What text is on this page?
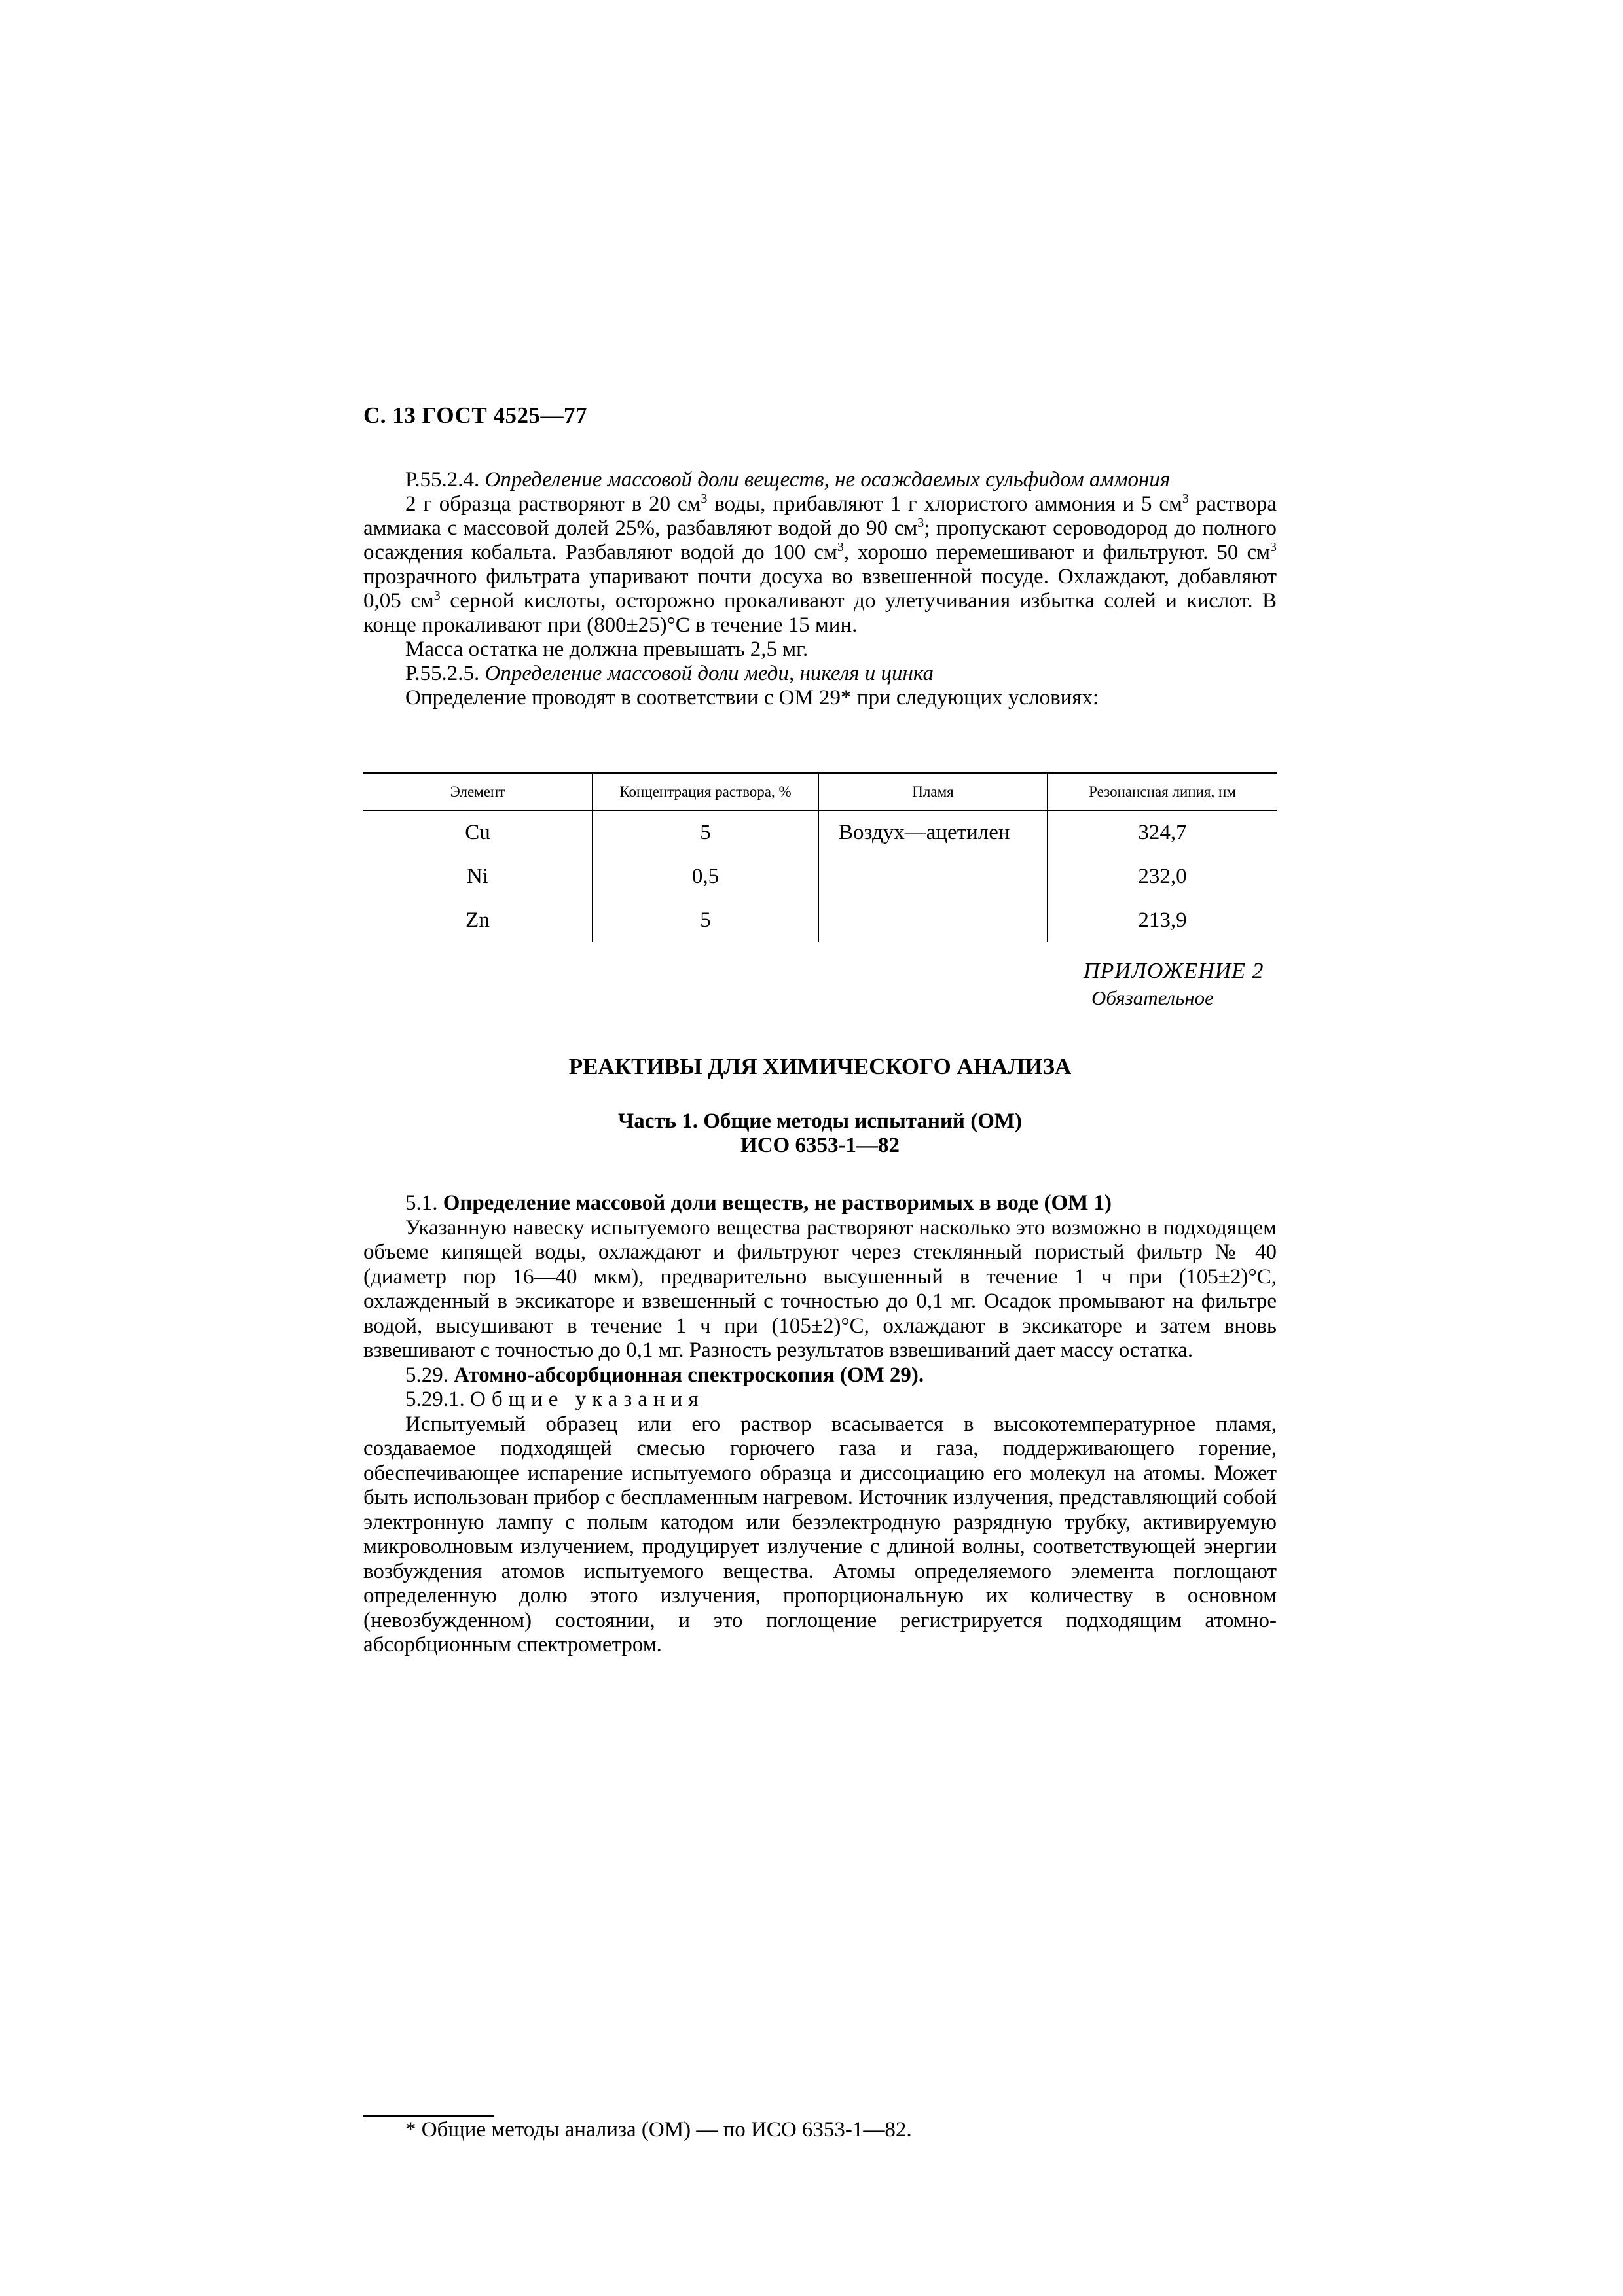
С. 13 ГОСТ 4525—77

Р.55.2.4. Определение массовой доли веществ, не осаждаемых сульфидом аммония

2 г образца растворяют в 20 $см^3$ воды, прибавляют 1 г хлористого аммония и 5 $см^3$ раствора аммиака с массовой долей 25%, разбавляют водой до 90 $см^3$; пропускают сероводород до полного осаждения кобальта. Разбавляют водой до 100 $см^3$, хорошо перемешивают и фильтруют. 50 $см^3$ прозрачного фильтрата упаривают почти досуха во взвешенной посуде. Охлаждают, добавляют 0,05 $см^3$ серной кислоты, осторожно прокаливают до улетучивания избытка солей и кислот. В конце прокаливают при (800±25)°С в течение 15 мин.

Масса остатка не должна превышать 2,5 мг.

Р.55.2.5. Определение массовой доли меди, никеля и цинка

Определение проводят в соответствии с ОМ 29* при следующих условиях:

Элемент	Концентрация раствора, %	Пламя	Резонансная линия, нм
Cu	5	Воздух—ацетилен	324,7
Ni	0,5		232,0
Zn	5		213,9
ПРИЛОЖЕНИЕ 2
Обязательное
РЕАКТИВЫ ДЛЯ ХИМИЧЕСКОГО АНАЛИЗА
Часть 1. Общие методы испытаний (ОМ)
ИСО 6353-1—82

5.1. Определение массовой доли веществ, не растворимых в воде (ОМ 1)

Указанную навеску испытуемого вещества растворяют насколько это возможно в подходящем объеме кипящей воды, охлаждают и фильтруют через стеклянный пористый фильтр № 40 (диаметр пор 16—40 мкм), предварительно высушенный в течение 1 ч при (105±2)°С, охлажденный в эксикаторе и взвешенный с точностью до 0,1 мг. Осадок промывают на фильтре водой, высушивают в течение 1 ч при (105±2)°С, охлаждают в эксикаторе и затем вновь взвешивают с точностью до 0,1 мг. Разность результатов взвешиваний дает массу остатка.

5.29. Атомно-абсорбционная спектроскопия (ОМ 29).

5.29.1. Общие указания

Испытуемый образец или его раствор всасывается в высокотемпературное пламя, создаваемое подходящей смесью горючего газа и газа, поддерживающего горение, обеспечивающее испарение испытуемого образца и диссоциацию его молекул на атомы. Может быть использован прибор с беспламенным нагревом. Источник излучения, представляющий собой электронную лампу с полым катодом или безэлектродную разрядную трубку, активируемую микроволновым излучением, продуцирует излучение с длиной волны, соответствующей энергии возбуждения атомов испытуемого вещества. Атомы определяемого элемента поглощают определенную долю этого излучения, пропорциональную их количеству в основном (невозбужденном) состоянии, и это поглощение регистрируется подходящим атомно-абсорбционным спектрометром.

* Общие методы анализа (ОМ) — по ИСО 6353-1—82.
